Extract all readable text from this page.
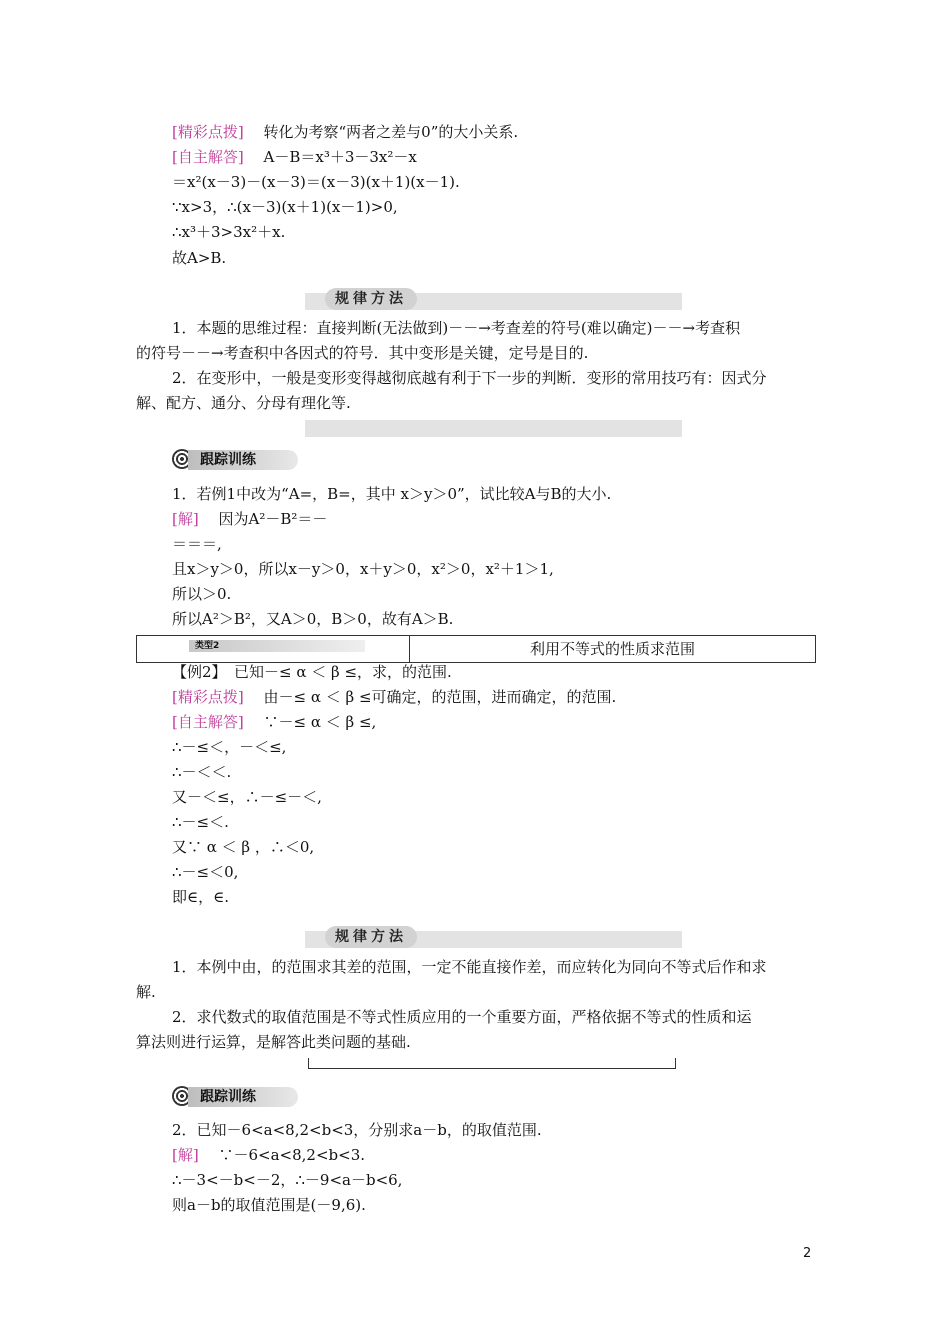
[精彩点拨]　 转化为考察“两者之差与0”的大小关系.
[自主解答]　 A－B＝x³＋3－3x²－x
＝x²(x－3)－(x－3)＝(x－3)(x＋1)(x－1).
∵x>3，∴(x－3)(x＋1)(x－1)>0,
∴x³＋3>3x²＋x.
故A>B.
规律方法
1．本题的思维过程：直接判断(无法做到)－－→考查差的符号(难以确定)－－→考查积
的符号－－→考查积中各因式的符号．其中变形是关键，定号是目的.
2．在变形中，一般是变形变得越彻底越有利于下一步的判断．变形的常用技巧有：因式分
解、配方、通分、分母有理化等.
跟踪训练
1．若例1中改为“A=，B=，其中 x＞y＞0”，试比较A与B的大小.
[解]　 因为A²－B²＝－
＝＝＝,
且x＞y＞0，所以x－y＞0，x＋y＞0，x²＞0，x²＋1＞1,
所以＞0.
所以A²＞B²，又A＞0，B＞0，故有A＞B.
类型2	利用不等式的性质求范围
【例2】　已知－≤ α ＜ β ≤，求，的范围.
[精彩点拨]　 由－≤ α ＜ β ≤可确定，的范围，进而确定，的范围.
[自主解答]　 ∵－≤ α ＜ β ≤,
∴－≤＜，－＜≤,
∴－＜＜.
又－＜≤，∴－≤－＜,
∴－≤＜.
又∵ α ＜ β ，∴＜0,
∴－≤＜0,
即∈，∈.
规律方法
1．本例中由，的范围求其差的范围，一定不能直接作差，而应转化为同向不等式后作和求
解.
2．求代数式的取值范围是不等式性质应用的一个重要方面，严格依据不等式的性质和运
算法则进行运算，是解答此类问题的基础.
跟踪训练
2．已知－6<a<8,2<b<3，分别求a－b，的取值范围.
[解]　 ∵－6<a<8,2<b<3.
∴－3<－b<－2，∴－9<a－b<6,
则a－b的取值范围是(－9,6).
2
